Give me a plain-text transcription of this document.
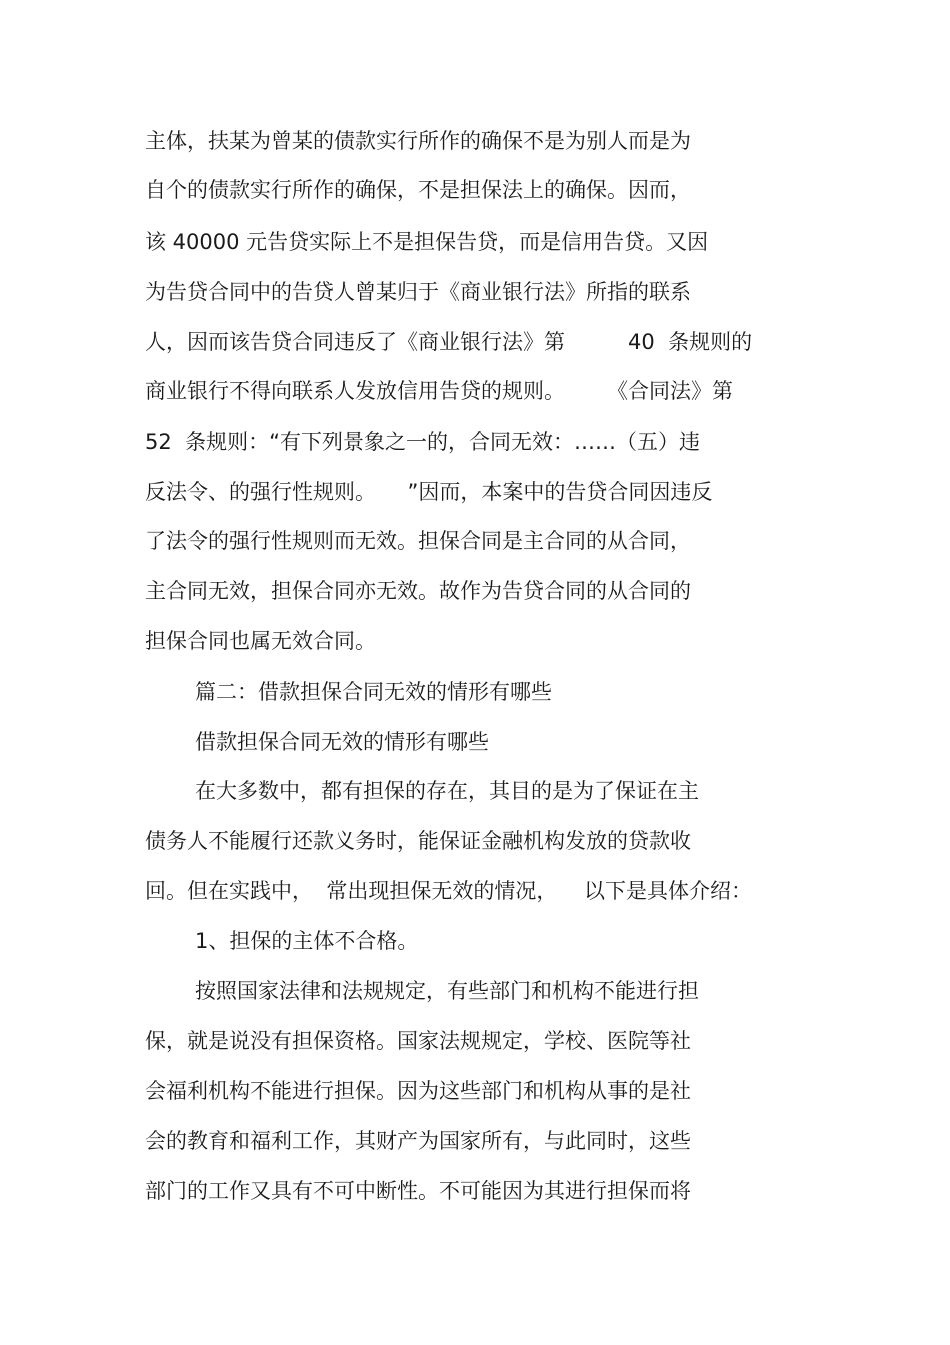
主体，扶某为曾某的债款实行所作的确保不是为别人而是为

自个的债款实行所作的确保，不是担保法上的确保。因而，

该 40000 元告贷实际上不是担保告贷，而是信用告贷。又因

为告贷合同中的告贷人曾某归于《商业银行法》所指的联系

人，因而该告贷合同违反了《商业银行法》第　　　40  条规则的

商业银行不得向联系人发放信用告贷的规则。　　　《合同法》第

52  条规则：“有下列景象之一的，合同无效：……（五）违

反法令、的强行性规则。　　”因而，本案中的告贷合同因违反

了法令的强行性规则而无效。担保合同是主合同的从合同，

主合同无效，担保合同亦无效。故作为告贷合同的从合同的

担保合同也属无效合同。

篇二：借款担保合同无效的情形有哪些

借款担保合同无效的情形有哪些

在大多数中，都有担保的存在，其目的是为了保证在主

债务人不能履行还款义务时，能保证金融机构发放的贷款收

回。但在实践中，  常出现担保无效的情况，    以下是具体介绍：

1、担保的主体不合格。

按照国家法律和法规规定，有些部门和机构不能进行担

保，就是说没有担保资格。国家法规规定，学校、医院等社

会福利机构不能进行担保。因为这些部门和机构从事的是社

会的教育和福利工作，其财产为国家所有，与此同时，这些

部门的工作又具有不可中断性。不可能因为其进行担保而将
